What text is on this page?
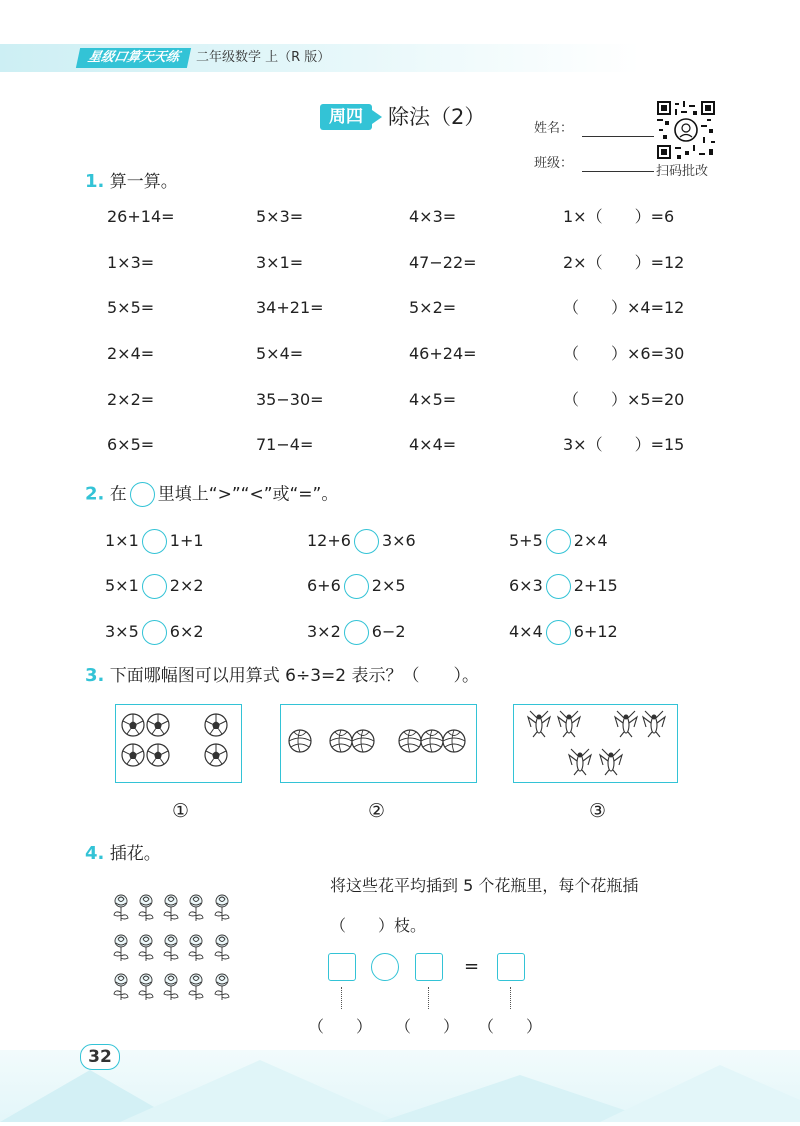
星级口算天天练	二年级数学 上（R 版）
周四	除法（2）	姓名：
班级：
扫码批改
1. 算一算。
26+14=	5×3=	4×3=	1×（　　）=6
1×3=	3×1=	47−22=	2×（　　）=12
5×5=	34+21=	5×2=	（　　）×4=12
2×4=	5×4=	46+24=	（　　）×6=30
2×2=	35−30=	4×5=	（　　）×5=20
6×5=	71−4=	4×4=	3×（　　）=15
2. 在 里填上“>”“<”或“=”。
1×1 1+1	12+6 3×6	5+5 2×4
5×1 2×2	6+6 2×5	6×3 2+15
3×5 6×2	3×2 6−2	4×4 6+12
3. 下面哪幅图可以用算式 6÷3=2 表示？（　　）。
①	②	③
4. 插花。
将这些花平均插到 5 个花瓶里，每个花瓶插
（　　）枝。
=
（　　） （　　） （　　）
32
